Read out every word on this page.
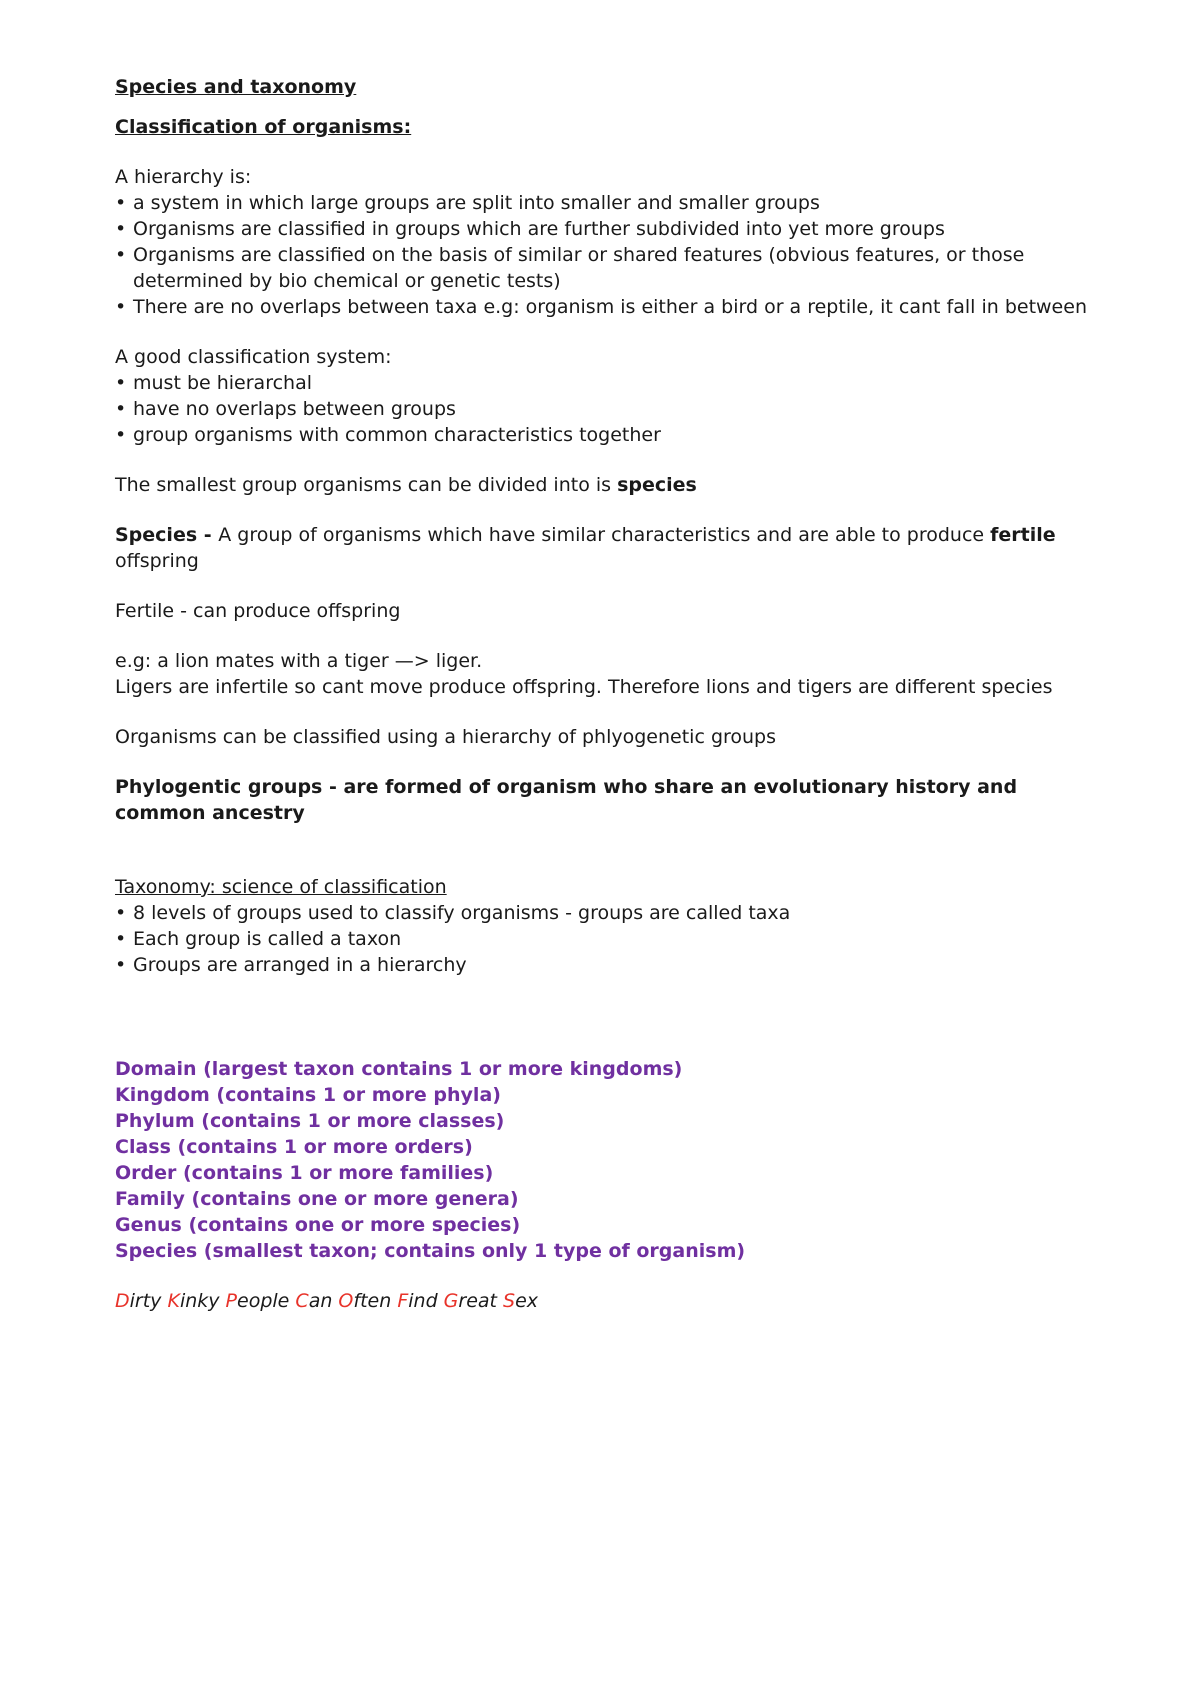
Species and taxonomy

Classification of organisms:

A hierarchy is:

• a system in which large groups are split into smaller and smaller groups
• Organisms are classified in groups which are further subdivided into yet more groups
• Organisms are classified on the basis of similar or shared features (obvious features, or those determined by bio chemical or genetic tests)
• There are no overlaps between taxa e.g: organism is either a bird or a reptile, it cant fall in between

A good classification system:

• must be hierarchal
• have no overlaps between groups
• group organisms with common characteristics together

The smallest group organisms can be divided into is species

Species - A group of organisms which have similar characteristics and are able to produce fertile offspring

Fertile - can produce offspring

e.g: a lion mates with a tiger —> liger.

Ligers are infertile so cant move produce offspring. Therefore lions and tigers are different species

Organisms can be classified using a hierarchy of phlyogenetic groups

Phylogentic groups - are formed of organism who share an evolutionary history and common ancestry

Taxonomy: science of classification

• 8 levels of groups used to classify organisms - groups are called taxa
• Each group is called a taxon
• Groups are arranged in a hierarchy

Domain (largest taxon contains 1 or more kingdoms)

Kingdom (contains 1 or more phyla)

Phylum (contains 1 or more classes)

Class (contains 1 or more orders)

Order (contains 1 or more families)

Family (contains one or more genera)

Genus (contains one or more species)

Species (smallest taxon; contains only 1 type of organism)

Dirty Kinky People Can Often Find Great Sex
